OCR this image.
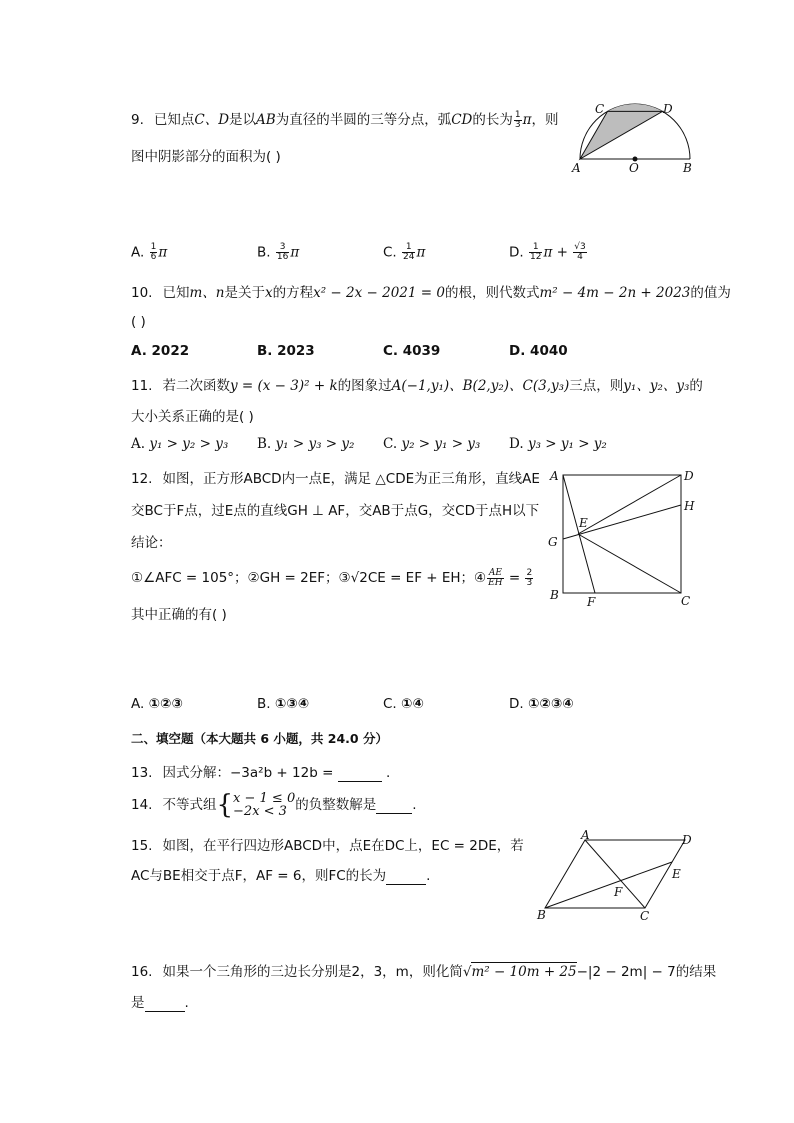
9. 已知点C、D是以AB为直径的半圆的三等分点，弧CD的长为 $\frac{1}{3}$ π，则
图中阴影部分的面积为( )
C	D
A	O	B
A. $\frac{1}{6}$ π	B. $\frac{3}{16}$ π	C. $\frac{1}{24}$ π	D. $\frac{1}{12}$ $\pi + \frac{√3}{4}$
10. 已知m、n是关于x的方程x² − 2x − 2021 = 0的根，则代数式m² − 4m − 2n + 2023的值为
( )
A. 2022	B. 2023	C. 4039	D. 4040
11. 若二次函数y = (x − 3)² + k的图象过A(−1,y₁)、B(2,y₂)、C(3,y₃)三点，则y₁、y₂、y₃的
大小关系正确的是( )
A. y₁ > y₂ > y₃ B. y₁ > y₃ > y₂ C. y₂ > y₁ > y₃ D. y₃ > y₁ > y₂
12. 如图，正方形ABCD内一点E，满足 △CDE为正三角形，直线AE
交BC于F点，过E点的直线GH ⊥ AF，交AB于点G，交CD于点H以下
结论：
①∠AFC = 105°；②GH = 2EF；③√2CE = EF + EH；④ $\frac{AE}{EH} = \frac{2}{3}$
其中正确的有( )
A	D
H
E
G
B F	C
A. ①②③	B. ①③④	C. ①④	D. ①②③④
二、填空题（本大题共 6 小题，共 24.0 分）
13. 因式分解：−3a²b + 12b =	.
14. 不等式组{ x − 1 ≤ 0
−2x < 3 的负整数解是	.
15. 如图，在平行四边形ABCD中，点E在DC上，EC = 2DE，若
AC与BE相交于点F，AF = 6，则FC的长为	.
A	D
E
F
B	C
16. 如果一个三角形的三边长分别是2，3，m，则化简√m² − 10m + 25−|2 − 2m| − 7的结果
是	.
